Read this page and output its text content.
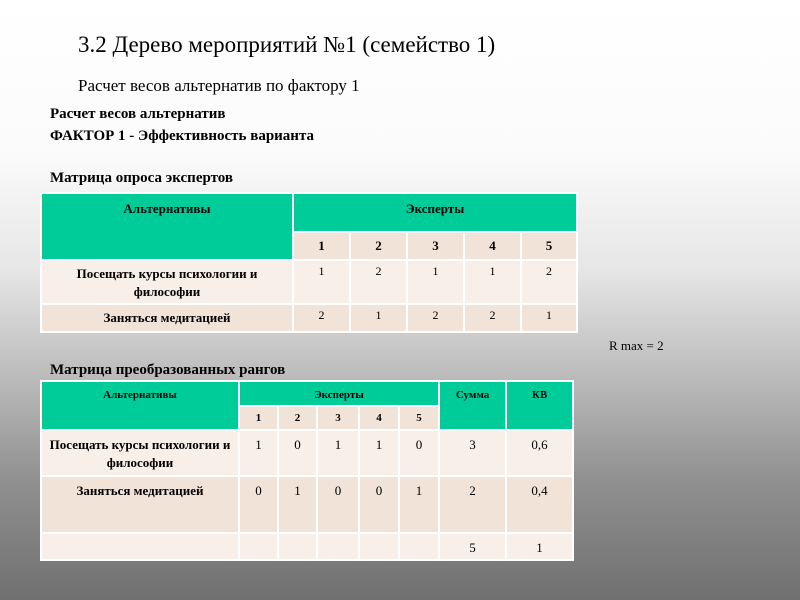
3.2 Дерево мероприятий №1 (семейство 1)
Расчет весов альтернатив по фактору 1
Расчет весов альтернатив
ФАКТОР 1 - Эффективность варианта
Матрица опроса экспертов
Альтернативы	Эксперты				
	1	2	3	4	5
Посещать курсы психологии и философии	1	2	1	1	2
Заняться медитацией	2	1	2	2	1
R max = 2
Матрица преобразованных рангов
Альтернативы	Эксперты					Сумма	КВ
	1	2	3	4	5		
Посещать курсы психологии и философии	1	0	1	1	0	3	0,6
Заняться медитацией	0	1	0	0	1	2	0,4
						5	1
